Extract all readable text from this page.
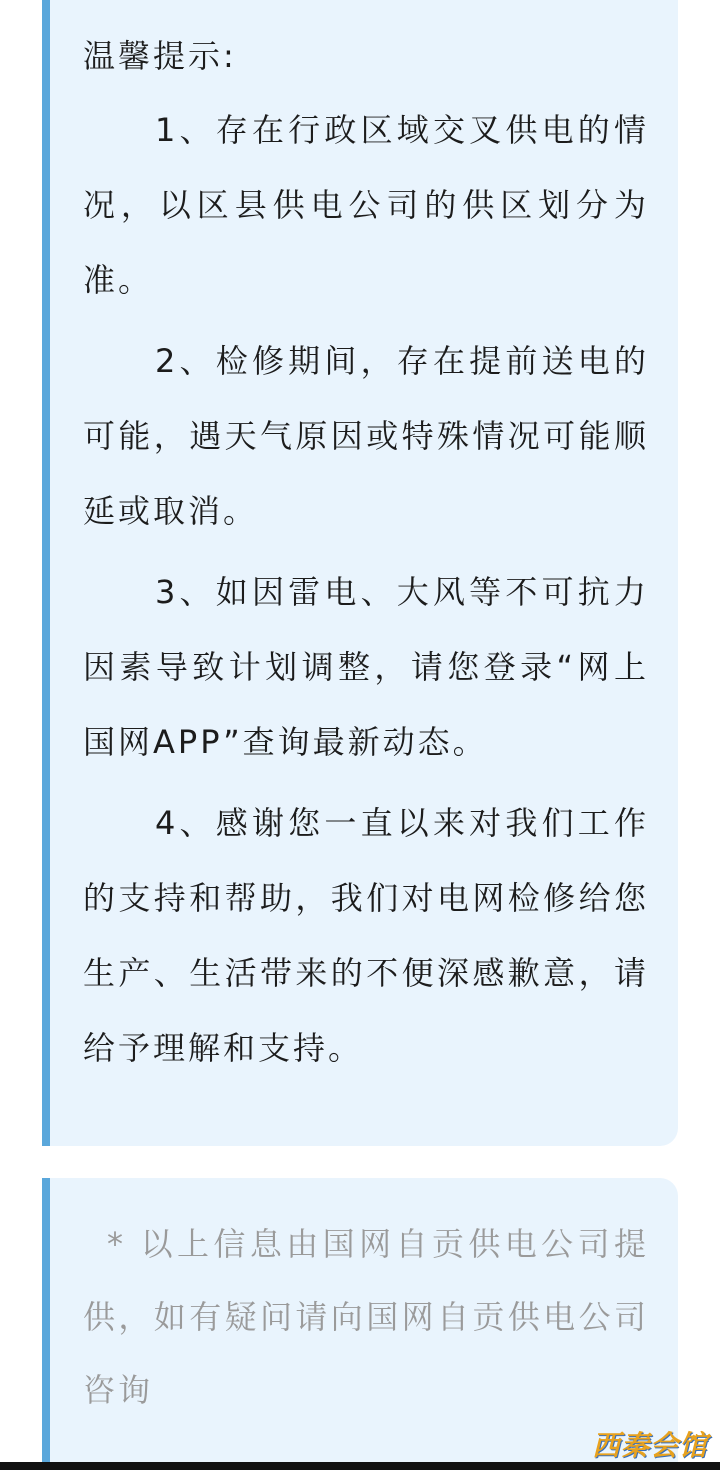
温馨提示:
1、存在行政区域交叉供电的情况，以区县供电公司的供区划分为准。
2、检修期间，存在提前送电的可能，遇天气原因或特殊情况可能顺延或取消。
3、如因雷电、大风等不可抗力因素导致计划调整，请您登录“网上国网APP”查询最新动态。
4、感谢您一直以来对我们工作的支持和帮助，我们对电网检修给您生产、生活带来的不便深感歉意，请给予理解和支持。
* 以上信息由国网自贡供电公司提供，如有疑问请向国网自贡供电公司咨询
西秦会馆
